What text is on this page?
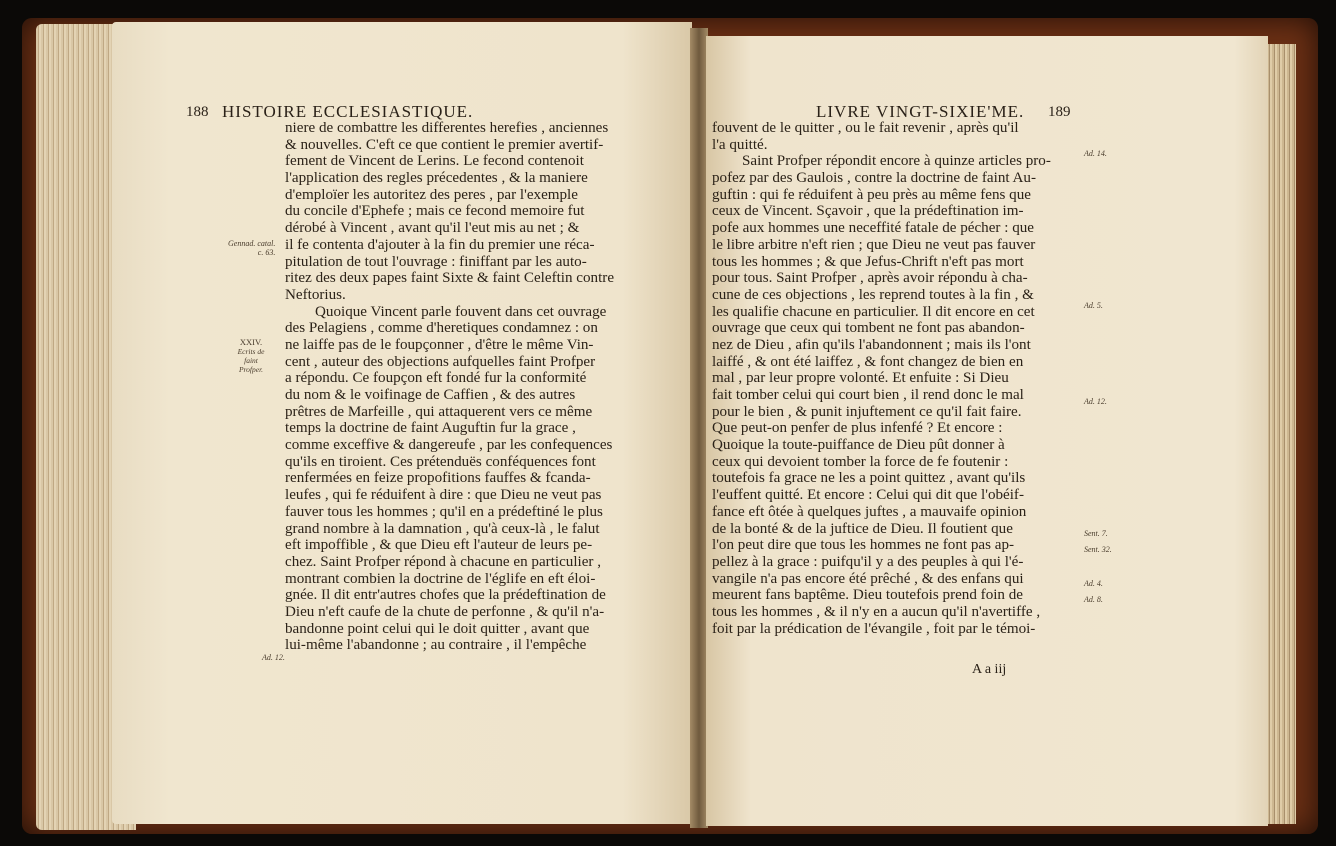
188 HISTOIRE ECCLESIASTIQUE.
Gennad. catal.
c. 63.
XXIV.
Ecrits de faint
Profper.
Ad. 12.
niere de combattre les differentes herefies , anciennes
& nouvelles. C'eft ce que contient le premier avertif-
fement de Vincent de Lerins. Le fecond contenoit
l'application des regles précedentes , & la maniere
d'emploïer les autoritez des peres , par l'exemple
du concile d'Ephefe ; mais ce fecond memoire fut
dérobé à Vincent , avant qu'il l'eut mis au net ; &
il fe contenta d'ajouter à la fin du premier une réca-
pitulation de tout l'ouvrage : finiffant par les auto-
ritez des deux papes faint Sixte & faint Celeftin contre
Neftorius.
Quoique Vincent parle fouvent dans cet ouvrage
des Pelagiens , comme d'heretiques condamnez : on
ne laiffe pas de le foupçonner , d'être le même Vin-
cent , auteur des objections aufquelles faint Profper
a répondu. Ce foupçon eft fondé fur la conformité
du nom & le voifinage de Caffien , & des autres
prêtres de Marfeille , qui attaquerent vers ce même
temps la doctrine de faint Auguftin fur la grace ,
comme exceffive & dangereufe , par les confequences
qu'ils en tiroient. Ces prétenduës conféquences font
renfermées en feize propofitions fauffes & fcanda-
leufes , qui fe réduifent à dire : que Dieu ne veut pas
fauver tous les hommes ; qu'il en a prédeftiné le plus
grand nombre à la damnation , qu'à ceux-là , le falut
eft impoffible , & que Dieu eft l'auteur de leurs pe-
chez. Saint Profper répond à chacune en particulier ,
montrant combien la doctrine de l'églife en eft éloi-
gnée. Il dit entr'autres chofes que la prédeftination de
Dieu n'eft caufe de la chute de perfonne , & qu'il n'a-
bandonne point celui qui le doit quitter , avant que
lui-même l'abandonne ; au contraire , il l'empêche
LIVRE VINGT-SIXIE'ME. 189
Ad. 14.
Ad. 5.
Ad. 12.
Sent. 7.
Sent. 32.
Ad. 4.
Ad. 8.
fouvent de le quitter , ou le fait revenir , après qu'il
l'a quitté.
Saint Profper répondit encore à quinze articles pro-
pofez par des Gaulois , contre la doctrine de faint Au-
guftin : qui fe réduifent à peu près au même fens que
ceux de Vincent. Sçavoir , que la prédeftination im-
pofe aux hommes une neceffité fatale de pécher : que
le libre arbitre n'eft rien ; que Dieu ne veut pas fauver
tous les hommes ; & que Jefus-Chrift n'eft pas mort
pour tous. Saint Profper , après avoir répondu à cha-
cune de ces objections , les reprend toutes à la fin , &
les qualifie chacune en particulier. Il dit encore en cet
ouvrage que ceux qui tombent ne font pas abandon-
nez de Dieu , afin qu'ils l'abandonnent ; mais ils l'ont
laiffé , & ont été laiffez , & font changez de bien en
mal , par leur propre volonté. Et enfuite : Si Dieu
fait tomber celui qui court bien , il rend donc le mal
pour le bien , & punit injuftement ce qu'il fait faire.
Que peut-on penfer de plus infenfé ? Et encore :
Quoique la toute-puiffance de Dieu pût donner à
ceux qui devoient tomber la force de fe foutenir :
toutefois fa grace ne les a point quittez , avant qu'ils
l'euffent quitté. Et encore : Celui qui dit que l'obéif-
fance eft ôtée à quelques juftes , a mauvaife opinion
de la bonté & de la juftice de Dieu. Il foutient que
l'on peut dire que tous les hommes ne font pas ap-
pellez à la grace : puifqu'il y a des peuples à qui l'é-
vangile n'a pas encore été prêché , & des enfans qui
meurent fans baptême. Dieu toutefois prend foin de
tous les hommes , & il n'y en a aucun qu'il n'avertiffe ,
foit par la prédication de l'évangile , foit par le témoi-
A a iij
